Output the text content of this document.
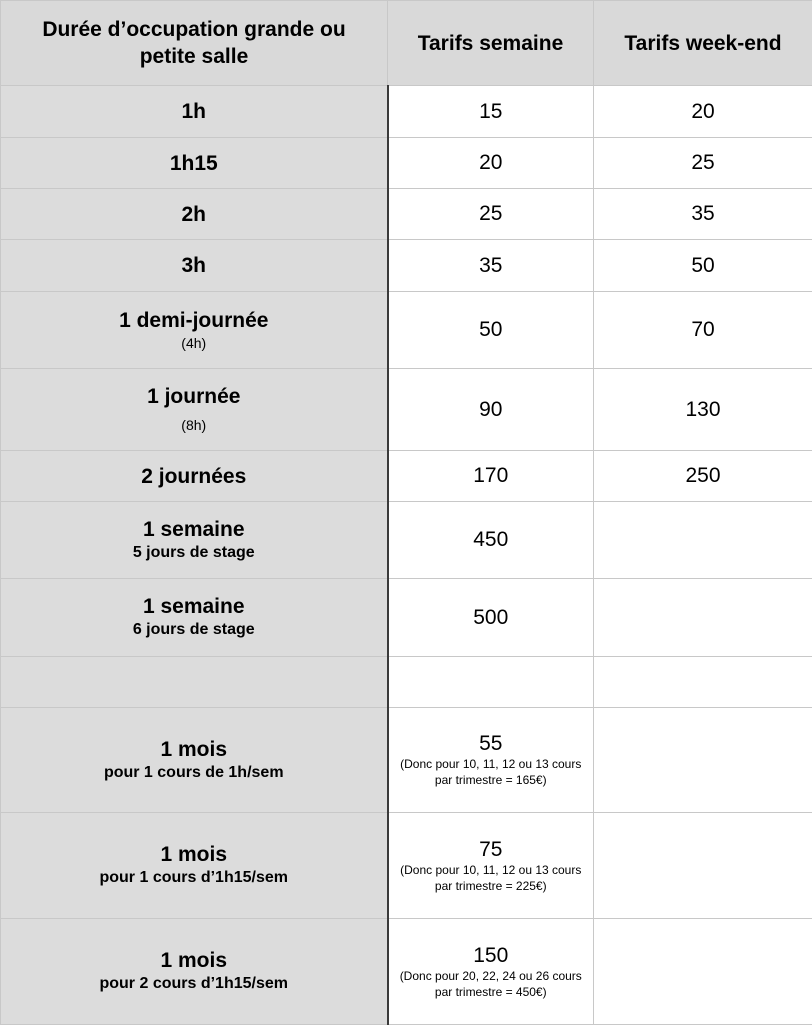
Durée d’occupation grande ou petite salle	Tarifs semaine	Tarifs week-end
1h	15	20
1h15	20	25
2h	25	35
3h	35	50
1 demi-journée
(4h)	50	70
1 journée
(8h)	90	130
2 journées	170	250
1 semaine
5 jours de stage	450	
1 semaine
6 jours de stage	500	

1 mois
pour 1 cours de 1h/sem	55
(Donc pour 10, 11, 12 ou 13 cours par trimestre = 165€)	

1 mois
pour 1 cours d’1h15/sem	75
(Donc pour 10, 11, 12 ou 13 cours par trimestre = 225€)	

1 mois
pour 2 cours d’1h15/sem	150
(Donc pour 20, 22, 24 ou 26 cours par trimestre = 450€)	
